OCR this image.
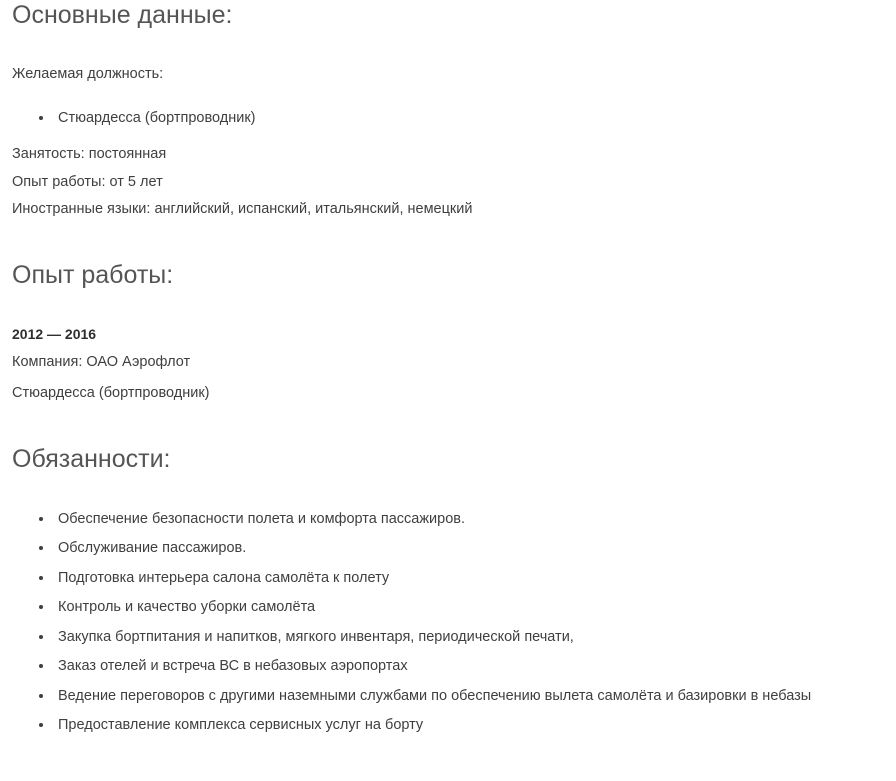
Основные данные:

Желаемая должность:

• Стюардесса (бортпроводник)

Занятость: постоянная

Опыт работы: от 5 лет

Иностранные языки: английский, испанский, итальянский, немецкий

Опыт работы:

2012 — 2016

Компания: ОАО Аэрофлот

Стюардесса (бортпроводник)

Обязанности:
• Обеспечение безопасности полета и комфорта пассажиров.
• Обслуживание пассажиров.
• Подготовка интерьера салона самолёта к полету
• Контроль и качество уборки самолёта
• Закупка бортпитания и напитков, мягкого инвентаря, периодической печати,
• Заказ отелей и встреча ВС в небазовых аэропортах
• Ведение переговоров с другими наземными службами по обеспечению вылета самолёта и базировки в небазы
• Предоставление комплекса сервисных услуг на борту
